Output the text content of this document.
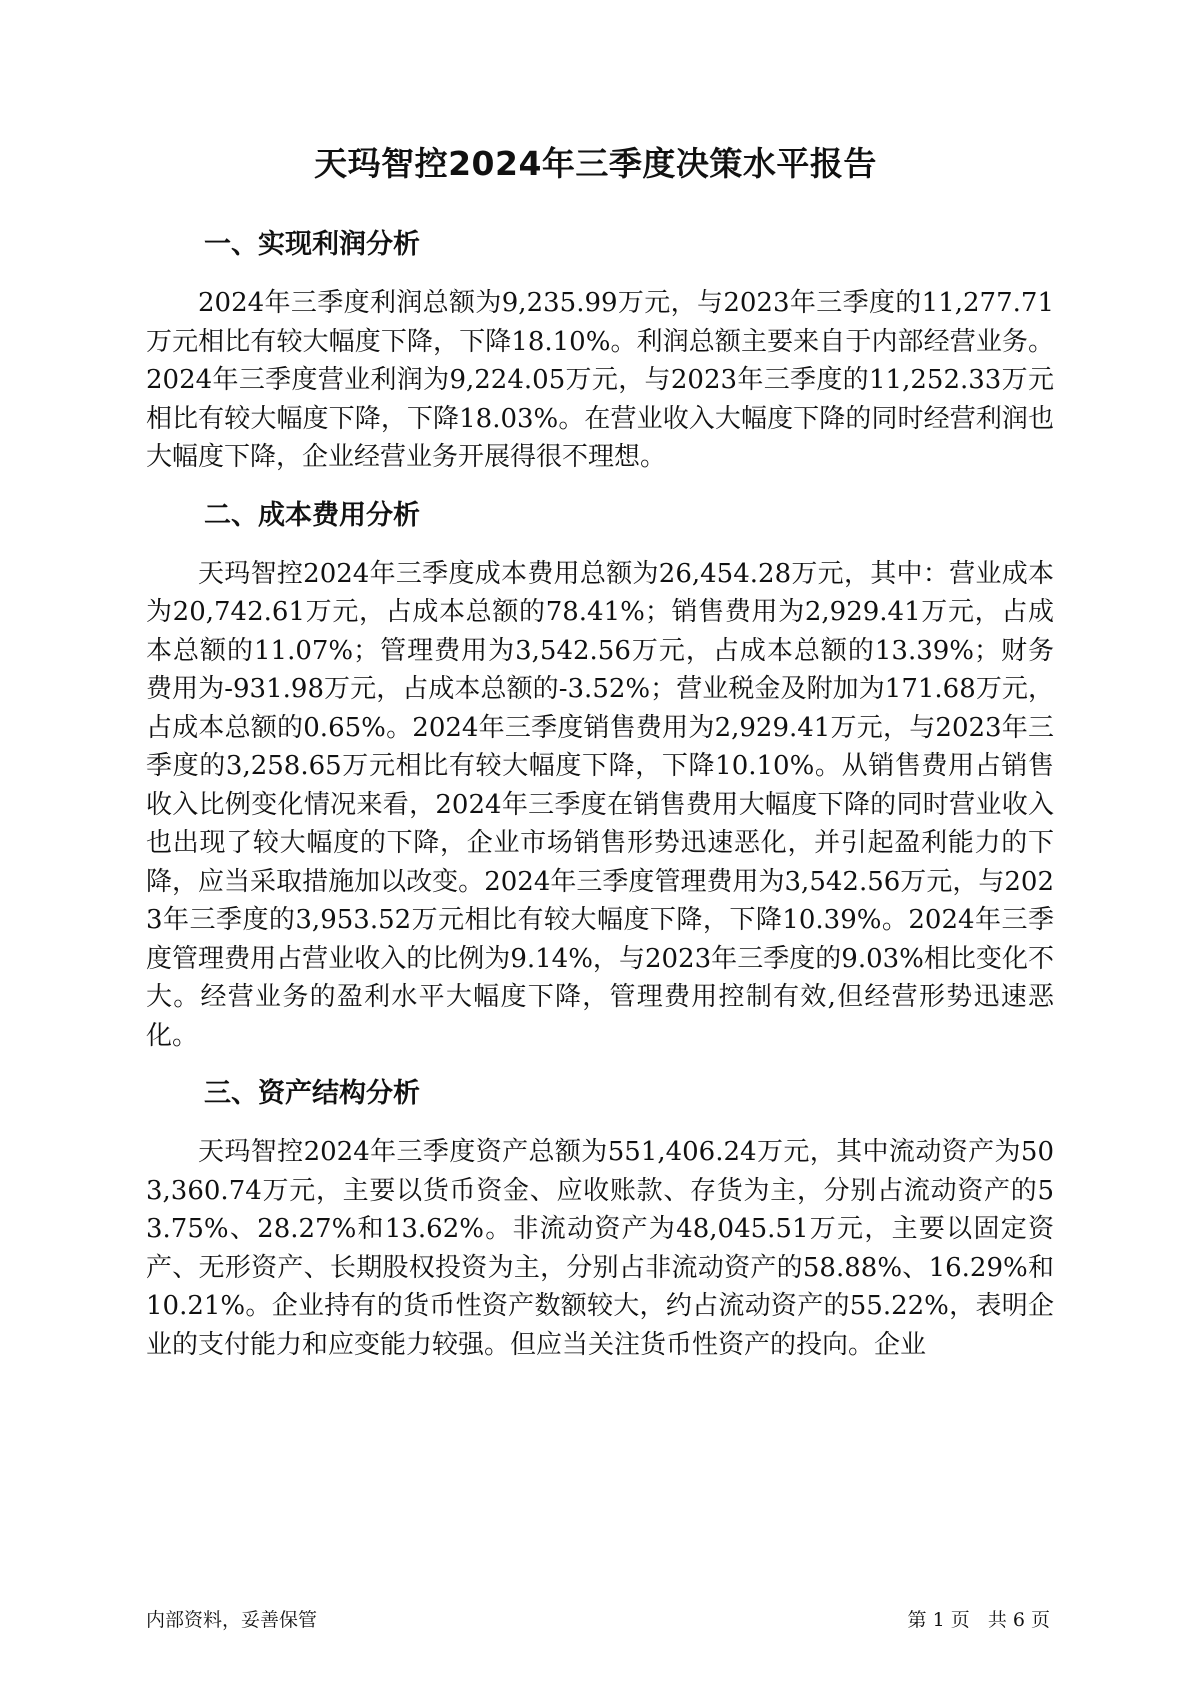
天玛智控2024年三季度决策水平报告
一、实现利润分析
2024年三季度利润总额为9,235.99万元，与2023年三季度的11,277.71万元相比有较大幅度下降，下降18.10%。利润总额主要来自于内部经营业务。2024年三季度营业利润为9,224.05万元，与2023年三季度的11,252.33万元相比有较大幅度下降，下降18.03%。在营业收入大幅度下降的同时经营利润也大幅度下降，企业经营业务开展得很不理想。
二、成本费用分析
天玛智控2024年三季度成本费用总额为26,454.28万元，其中：营业成本为20,742.61万元，占成本总额的78.41%；销售费用为2,929.41万元，占成本总额的11.07%；管理费用为3,542.56万元，占成本总额的13.39%；财务费用为-931.98万元，占成本总额的-3.52%；营业税金及附加为171.68万元，占成本总额的0.65%。2024年三季度销售费用为2,929.41万元，与2023年三季度的3,258.65万元相比有较大幅度下降，下降10.10%。从销售费用占销售收入比例变化情况来看，2024年三季度在销售费用大幅度下降的同时营业收入也出现了较大幅度的下降，企业市场销售形势迅速恶化，并引起盈利能力的下降，应当采取措施加以改变。2024年三季度管理费用为3,542.56万元，与2023年三季度的3,953.52万元相比有较大幅度下降，下降10.39%。2024年三季度管理费用占营业收入的比例为9.14%，与2023年三季度的9.03%相比变化不大。经营业务的盈利水平大幅度下降，管理费用控制有效,但经营形势迅速恶化。
三、资产结构分析
天玛智控2024年三季度资产总额为551,406.24万元，其中流动资产为503,360.74万元，主要以货币资金、应收账款、存货为主，分别占流动资产的53.75%、28.27%和13.62%。非流动资产为48,045.51万元，主要以固定资产、无形资产、长期股权投资为主，分别占非流动资产的58.88%、16.29%和10.21%。企业持有的货币性资产数额较大，约占流动资产的55.22%，表明企业的支付能力和应变能力较强。但应当关注货币性资产的投向。企业
内部资料，妥善保管	第 1 页   共 6 页
